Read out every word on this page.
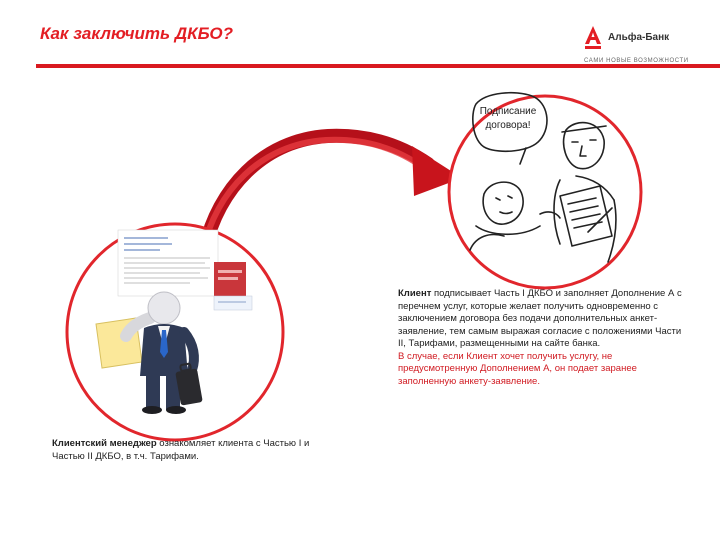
Как заключить ДКБО?	Альфа-Банк
САМИ НОВЫЕ ВОЗМОЖНОСТИ
Подписание
договора!
Клиент подписывает Часть I ДКБО и заполняет Дополнение А с перечнем услуг, которые желает получить одновременно с заключением договора без подачи дополнительных анкет-заявление, тем самым выражая согласие с положениями Части II, Тарифами, размещенными на сайте банка.
В случае, если Клиент хочет получить услугу, не предусмотренную Дополнением А, он подает заранее заполненную анкету-заявление.
Клиентский менеджер ознакомляет клиента с Частью I и Частью II ДКБО, в т.ч. Тарифами.
